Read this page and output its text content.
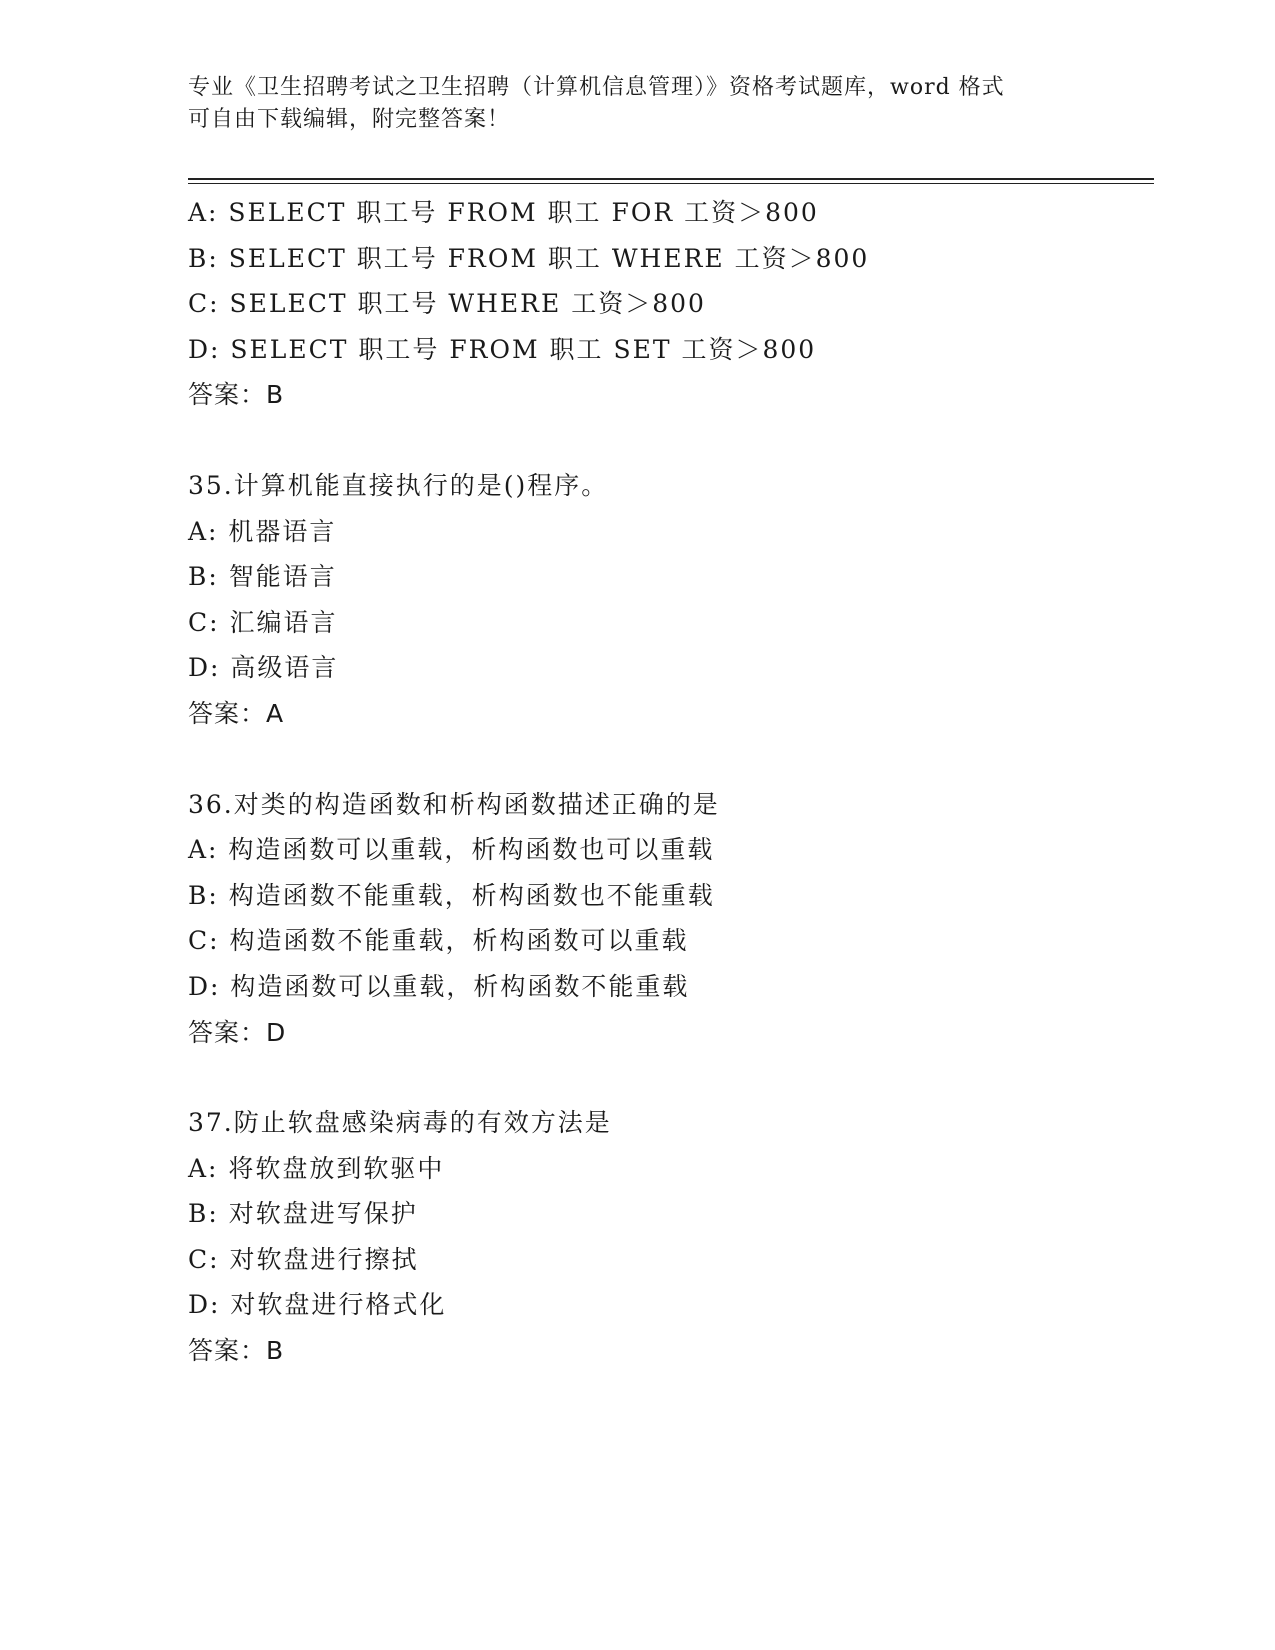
专业《卫生招聘考试之卫生招聘（计算机信息管理）》资格考试题库，word 格式
可自由下载编辑，附完整答案！
A: SELECT 职工号 FROM 职工 FOR 工资＞800
B: SELECT 职工号 FROM 职工 WHERE 工资＞800
C: SELECT 职工号 WHERE 工资＞800
D: SELECT 职工号 FROM 职工 SET 工资＞800
答案：B
35.计算机能直接执行的是()程序。
A: 机器语言
B: 智能语言
C: 汇编语言
D: 高级语言
答案：A
36.对类的构造函数和析构函数描述正确的是
A: 构造函数可以重载，析构函数也可以重载
B: 构造函数不能重载，析构函数也不能重载
C: 构造函数不能重载，析构函数可以重载
D: 构造函数可以重载，析构函数不能重载
答案：D
37.防止软盘感染病毒的有效方法是
A: 将软盘放到软驱中
B: 对软盘进写保护
C: 对软盘进行擦拭
D: 对软盘进行格式化
答案：B
